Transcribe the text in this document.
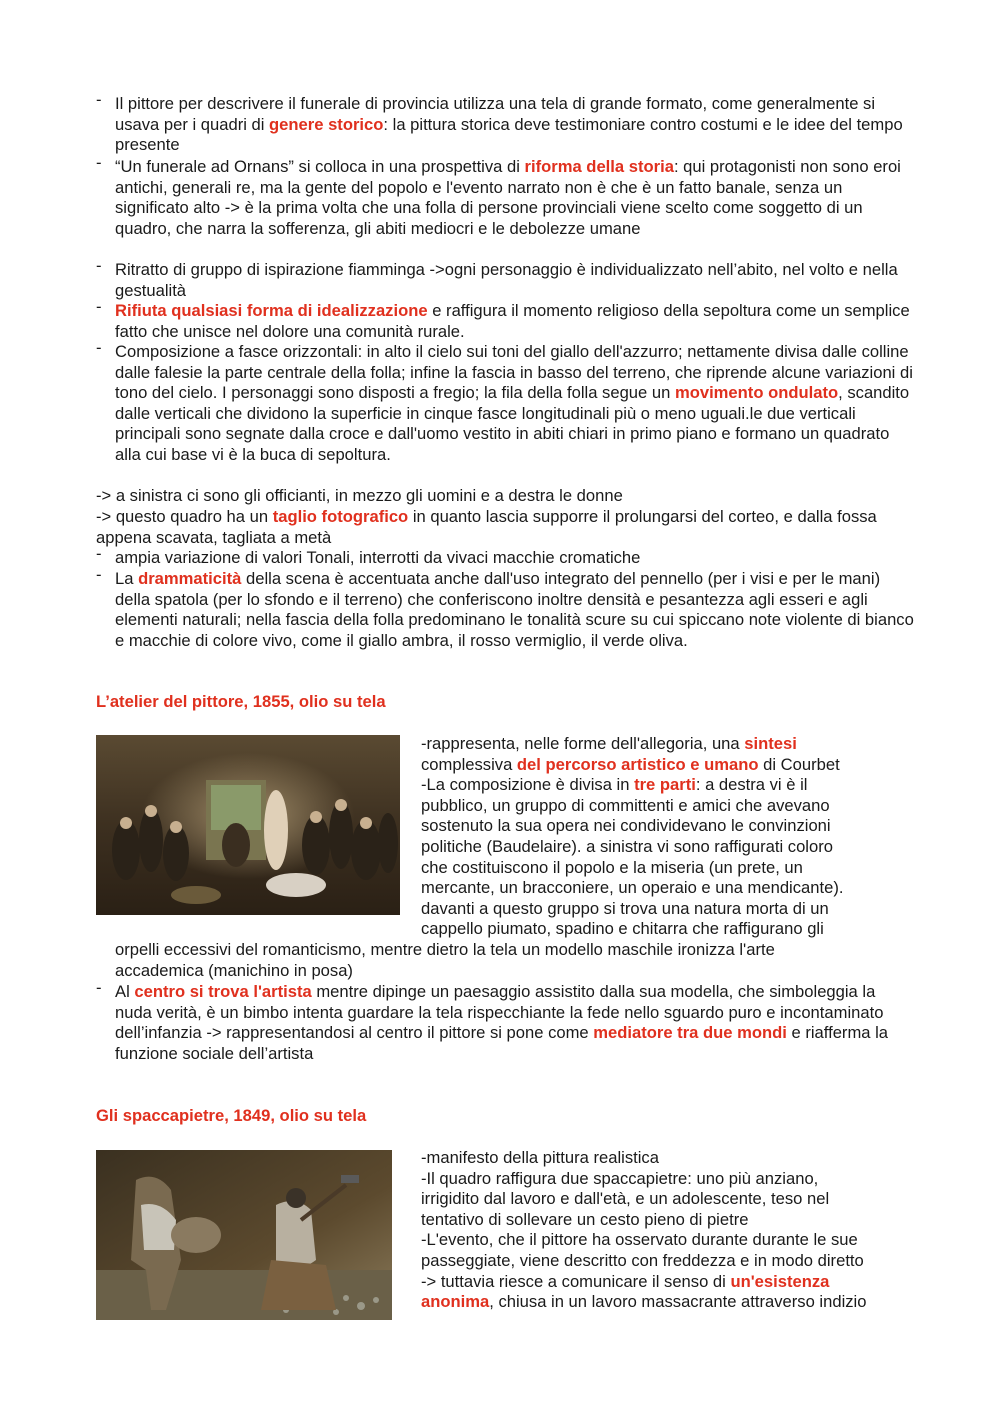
- Il pittore per descrivere il funerale di provincia utilizza una tela di grande formato, come generalmente si usava per i quadri di genere storico: la pittura storica deve testimoniare contro costumi e le idee del tempo presente
- “Un funerale ad Ornans” si colloca in una prospettiva di riforma della storia: qui protagonisti non sono eroi antichi, generali re, ma la gente del popolo e l'evento narrato non è che è un fatto banale, senza un significato alto -> è la prima volta che una folla di persone provinciali viene scelto come soggetto di un quadro, che narra la sofferenza, gli abiti mediocri e le debolezze umane
- Ritratto di gruppo di ispirazione fiamminga ->ogni personaggio è individualizzato nell’abito, nel volto e nella gestualità
- Rifiuta qualsiasi forma di idealizzazione e raffigura il momento religioso della sepoltura come un semplice fatto che unisce nel dolore una comunità rurale.
- Composizione a fasce orizzontali: in alto il cielo sui toni del giallo dell'azzurro; nettamente divisa dalle colline dalle falesie la parte centrale della folla; infine la fascia in basso del terreno, che riprende alcune variazioni di tono del cielo. I personaggi sono disposti a fregio; la fila della folla segue un movimento ondulato, scandito dalle verticali che dividono la superficie in cinque fasce longitudinali più o meno uguali.le due verticali principali sono segnate dalla croce e dall'uomo vestito in abiti chiari in primo piano e formano un quadrato alla cui base vi è la buca di sepoltura.
-> a sinistra ci sono gli officianti, in mezzo gli uomini e a destra le donne
-> questo quadro ha un taglio fotografico in quanto lascia supporre il prolungarsi del corteo, e dalla fossa appena scavata, tagliata a metà
- ampia variazione di valori Tonali, interrotti da vivaci macchie cromatiche
- La drammaticità della scena è accentuata anche dall'uso integrato del pennello (per i visi e per le mani) della spatola (per lo sfondo e il terreno) che conferiscono inoltre densità e pesantezza agli esseri e agli elementi naturali; nella fascia della folla predominano le tonalità scure su cui spiccano note violente di bianco e macchie di colore vivo, come il giallo ambra, il rosso vermiglio, il verde oliva.
L’atelier del pittore, 1855, olio su tela
-rappresenta, nelle forme dell'allegoria, una sintesi
complessiva del percorso artistico e umano di Courbet
-La composizione è divisa in tre parti: a destra vi è il
pubblico, un gruppo di committenti e amici che avevano
sostenuto la sua opera nei condividevano le convinzioni
politiche (Baudelaire). a sinistra vi sono raffigurati coloro
che costituiscono il popolo e la miseria (un prete, un
mercante, un bracconiere, un operaio e una mendicante).
davanti a questo gruppo si trova una natura morta di un
cappello piumato, spadino e chitarra che raffigurano gli
orpelli eccessivi del romanticismo, mentre dietro la tela un modello maschile ironizza l'arte
accademica (manichino in posa)
- Al centro si trova l'artista mentre dipinge un paesaggio assistito dalla sua modella, che simboleggia la nuda verità, è un bimbo intenta guardare la tela rispecchiante la fede nello sguardo puro e incontaminato dell’infanzia -> rappresentandosi al centro il pittore si pone come mediatore tra due mondi e riafferma la funzione sociale dell’artista
Gli spaccapietre, 1849, olio su tela
-manifesto della pittura realistica
-Il quadro raffigura due spaccapietre: uno più anziano,
irrigidito dal lavoro e dall'età, e un adolescente, teso nel
tentativo di sollevare un cesto pieno di pietre
-L'evento, che il pittore ha osservato durante durante le sue
passeggiate, viene descritto con freddezza e in modo diretto
-> tuttavia riesce a comunicare il senso di un'esistenza
anonima, chiusa in un lavoro massacrante attraverso indizio
